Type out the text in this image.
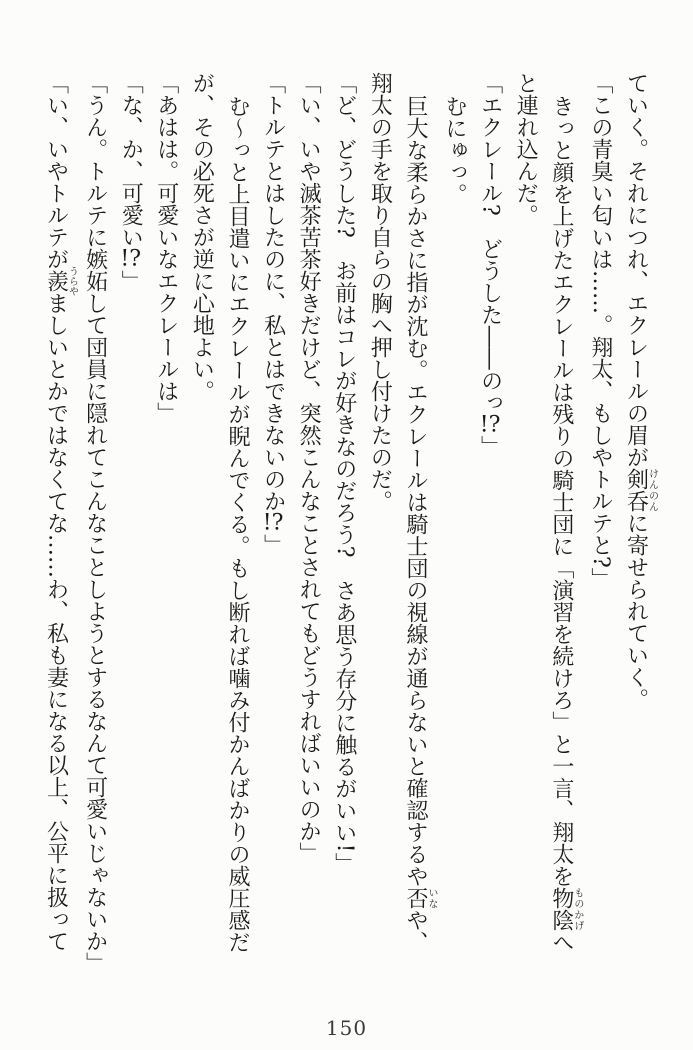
ていく。それにつれ、エクレールの眉が剣呑けんのんに寄せられていく。
「この青臭い匂いは……。翔太、もしやトルテと?」
きっと顔を上げたエクレールは残りの騎士団に「演習を続けろ」と一言、翔太を物陰ものかげへ
と連れ込んだ。
「エクレール?　どうした――のっ!?」
むにゅっ。
巨大な柔らかさに指が沈む。エクレールは騎士団の視線が通らないと確認するや否いなや、
翔太の手を取り自らの胸へ押し付けたのだ。
「ど、どうした?　お前はコレが好きなのだろう?　さあ思う存分に触るがいい!」
「い、いや滅茶苦茶好きだけど、突然こんなことされてもどうすればいいのか」
「トルテとはしたのに、私とはできないのか!?」
む〜っと上目遣いにエクレールが睨んでくる。もし断れば噛み付かんばかりの威圧感だ
が、その必死さが逆に心地よい。
「あはは。可愛いなエクレールは」
「な、か、可愛い!?」
「うん。トルテに嫉妬して団員に隠れてこんなことしようとするなんて可愛いじゃないか」
「い、いやトルテが羨うらやましいとかではなくてな……わ、私も妻になる以上、公平に扱って
150
